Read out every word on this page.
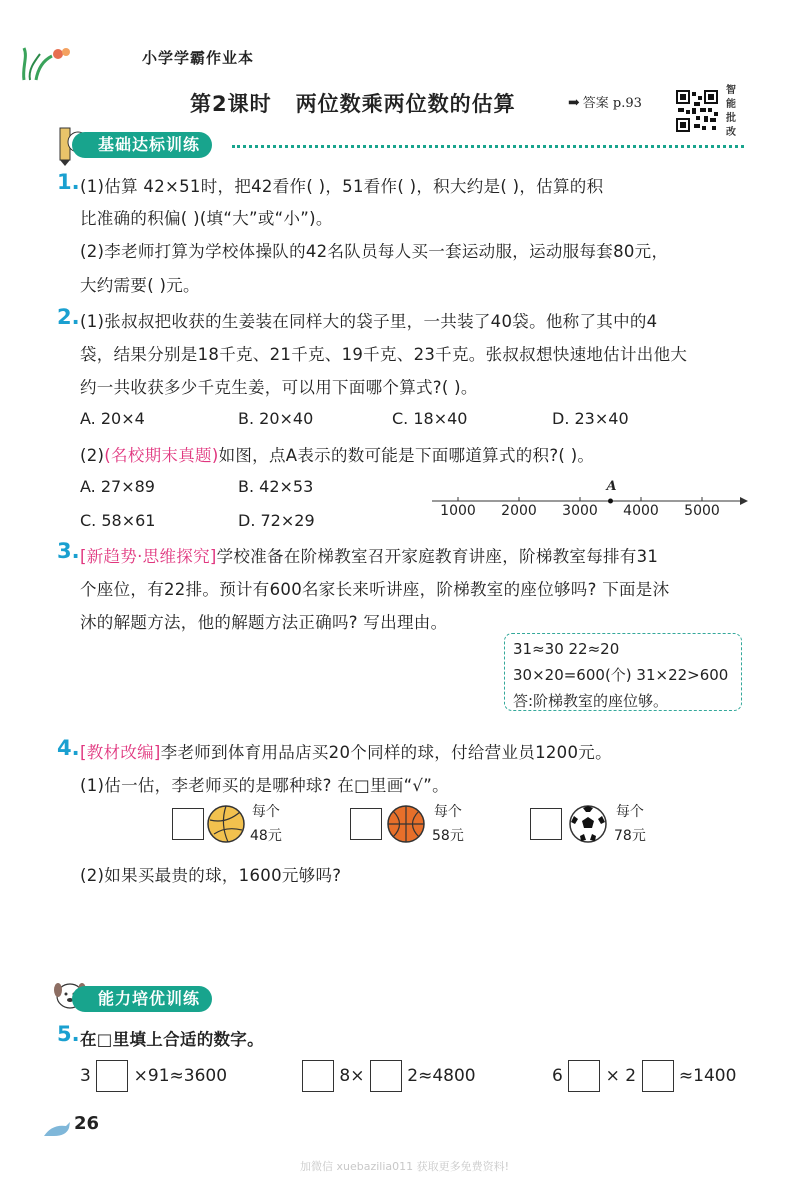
小学学霸作业本
第2课时 两位数乘两位数的估算	➡ 答案 p.93
智能批改
基础达标训练
1. (1)估算 42×51时，把42看作( )，51看作( )，积大约是( )，估算的积
比准确的积偏( )(填“大”或“小”)。
(2)李老师打算为学校体操队的42名队员每人买一套运动服，运动服每套80元，
大约需要( )元。
2. (1)张叔叔把收获的生姜装在同样大的袋子里，一共装了40袋。他称了其中的4
袋，结果分别是18千克、21千克、19千克、23千克。张叔叔想快速地估计出他大
约一共收获多少千克生姜，可以用下面哪个算式?( )。
A. 20×4	B. 20×40	C. 18×40	D. 23×40
(2)(名校期末真题)如图，点A表示的数可能是下面哪道算式的积?( )。
A. 27×89	B. 42×53
C. 58×61	D. 72×29
A
1000 2000 3000 4000 5000
3. [新趋势·思维探究]学校准备在阶梯教室召开家庭教育讲座，阶梯教室每排有31
个座位，有22排。预计有600名家长来听讲座，阶梯教室的座位够吗? 下面是沐
沐的解题方法，他的解题方法正确吗? 写出理由。
31≈30 22≈20
30×20=600(个) 31×22>600
答:阶梯教室的座位够。
4. [教材改编]李老师到体育用品店买20个同样的球，付给营业员1200元。
(1)估一估，李老师买的是哪种球? 在□里画“√”。
每个
48元
每个
58元
每个
78元
(2)如果买最贵的球，1600元够吗?
能力培优训练
5. 在□里填上合适的数字。
3	×91≈3600	8×	2≈4800	6	× 2	≈1400
26
加微信 xuebazilia011 获取更多免费资料!
